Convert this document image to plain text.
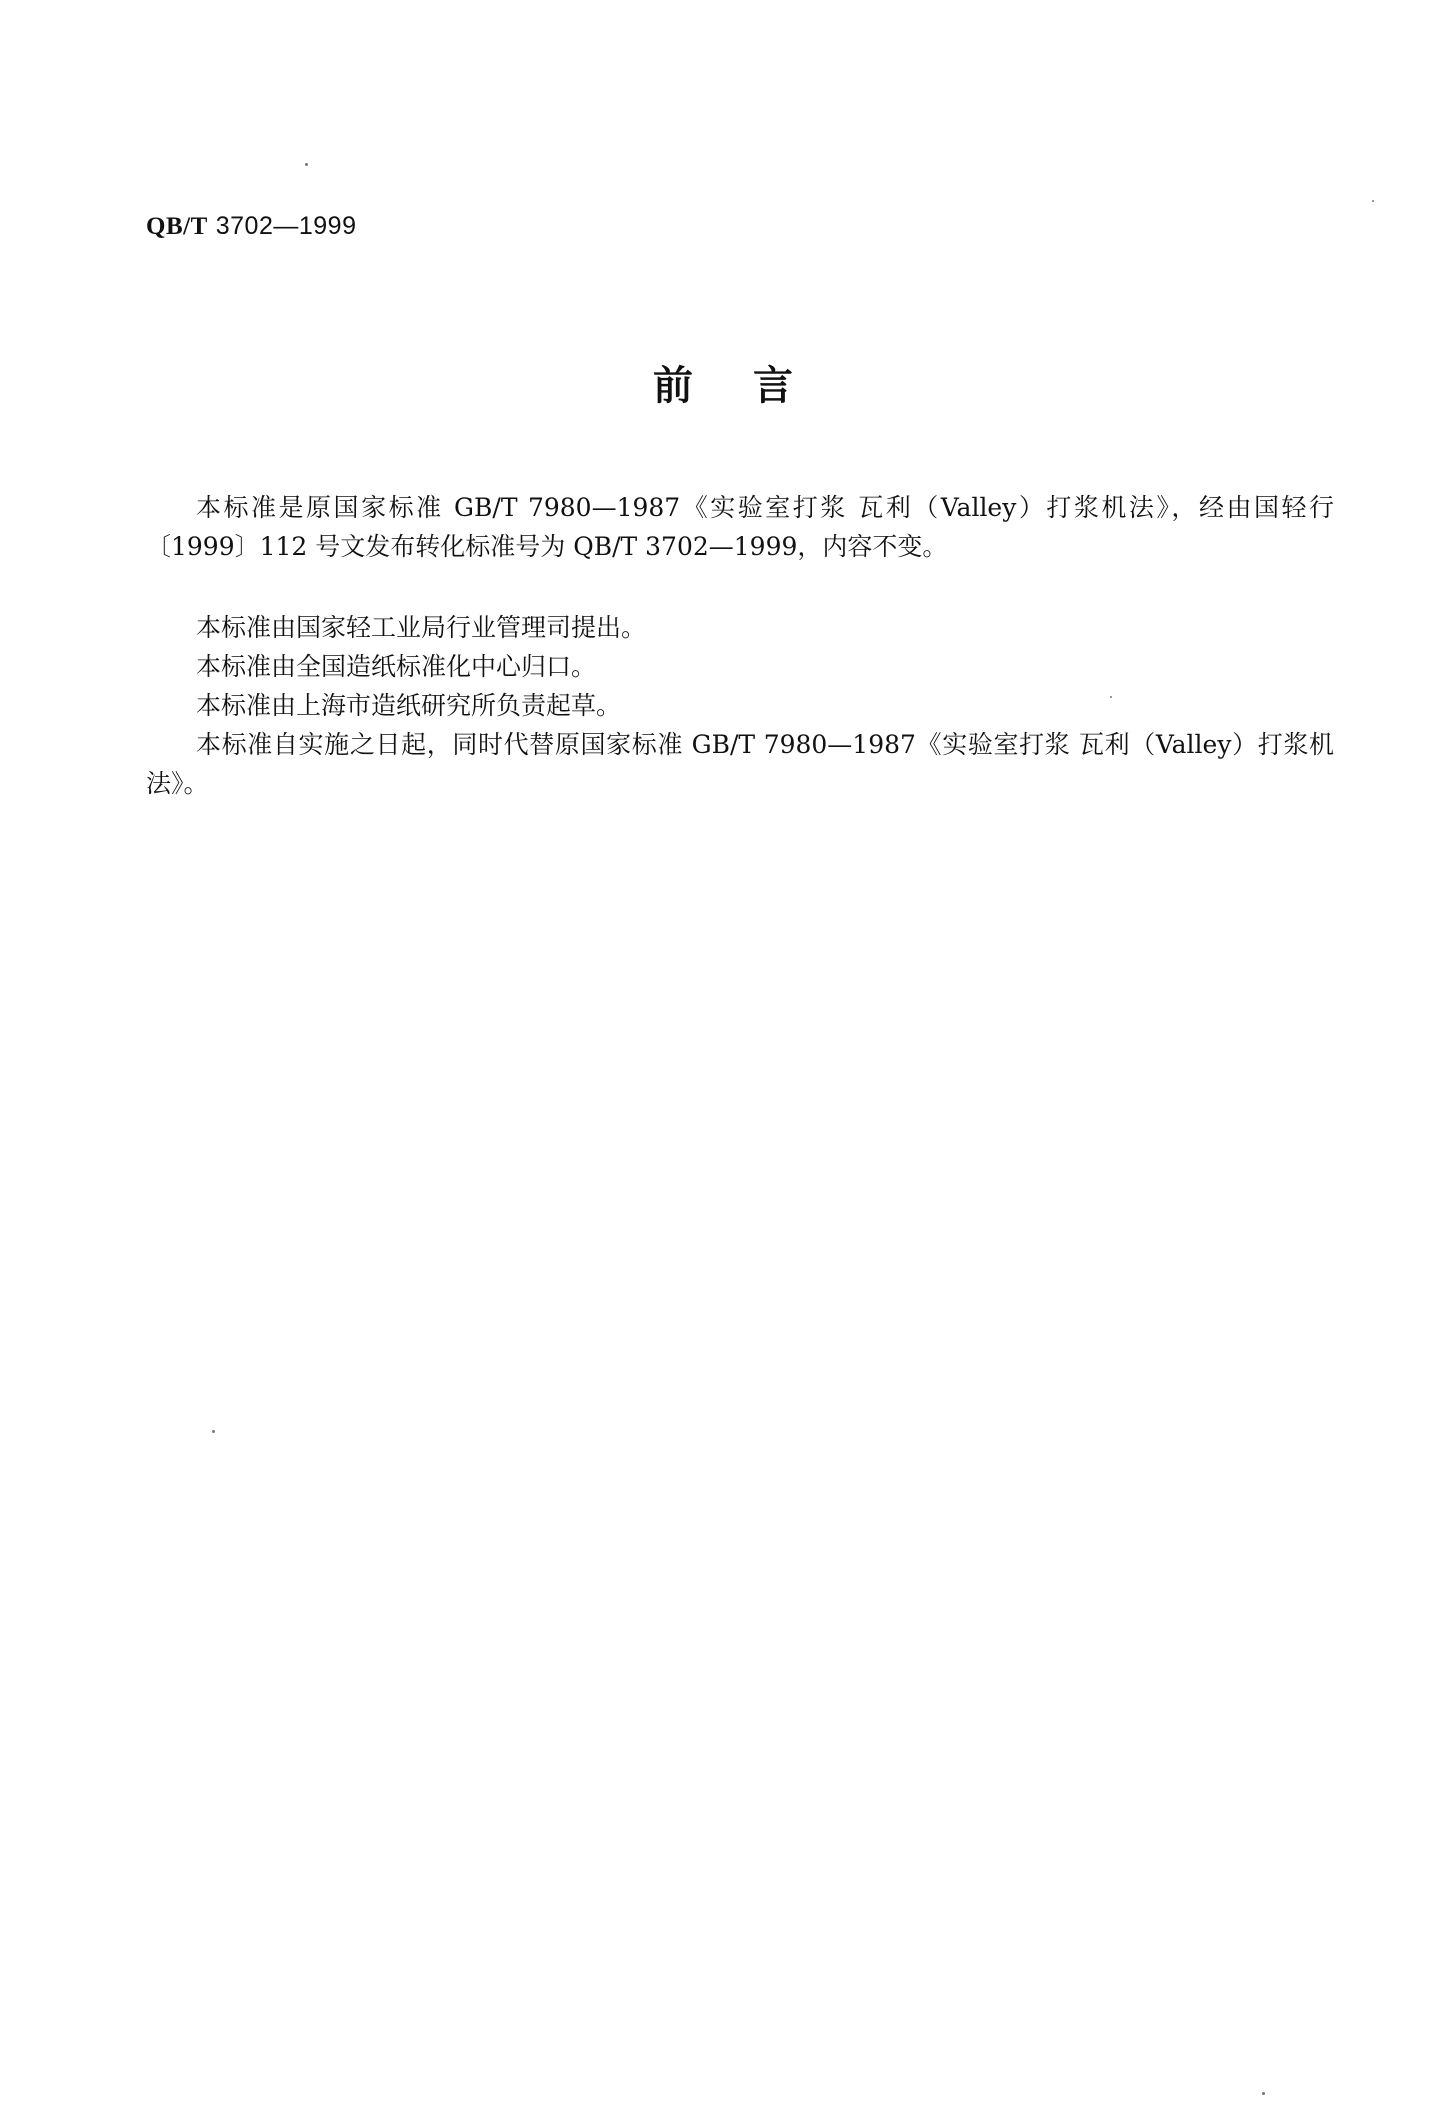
QB/T 3702—1999
前言

本标准是原国家标准 GB/T 7980—1987《实验室打浆 瓦利（Valley）打浆机法》，经由国轻行〔1999〕112 号文发布转化标准号为 QB/T 3702—1999，内容不变。

本标准由国家轻工业局行业管理司提出。

本标准由全国造纸标准化中心归口。

本标准由上海市造纸研究所负责起草。

本标准自实施之日起，同时代替原国家标准 GB/T 7980—1987《实验室打浆 瓦利（Valley）打浆机法》。
